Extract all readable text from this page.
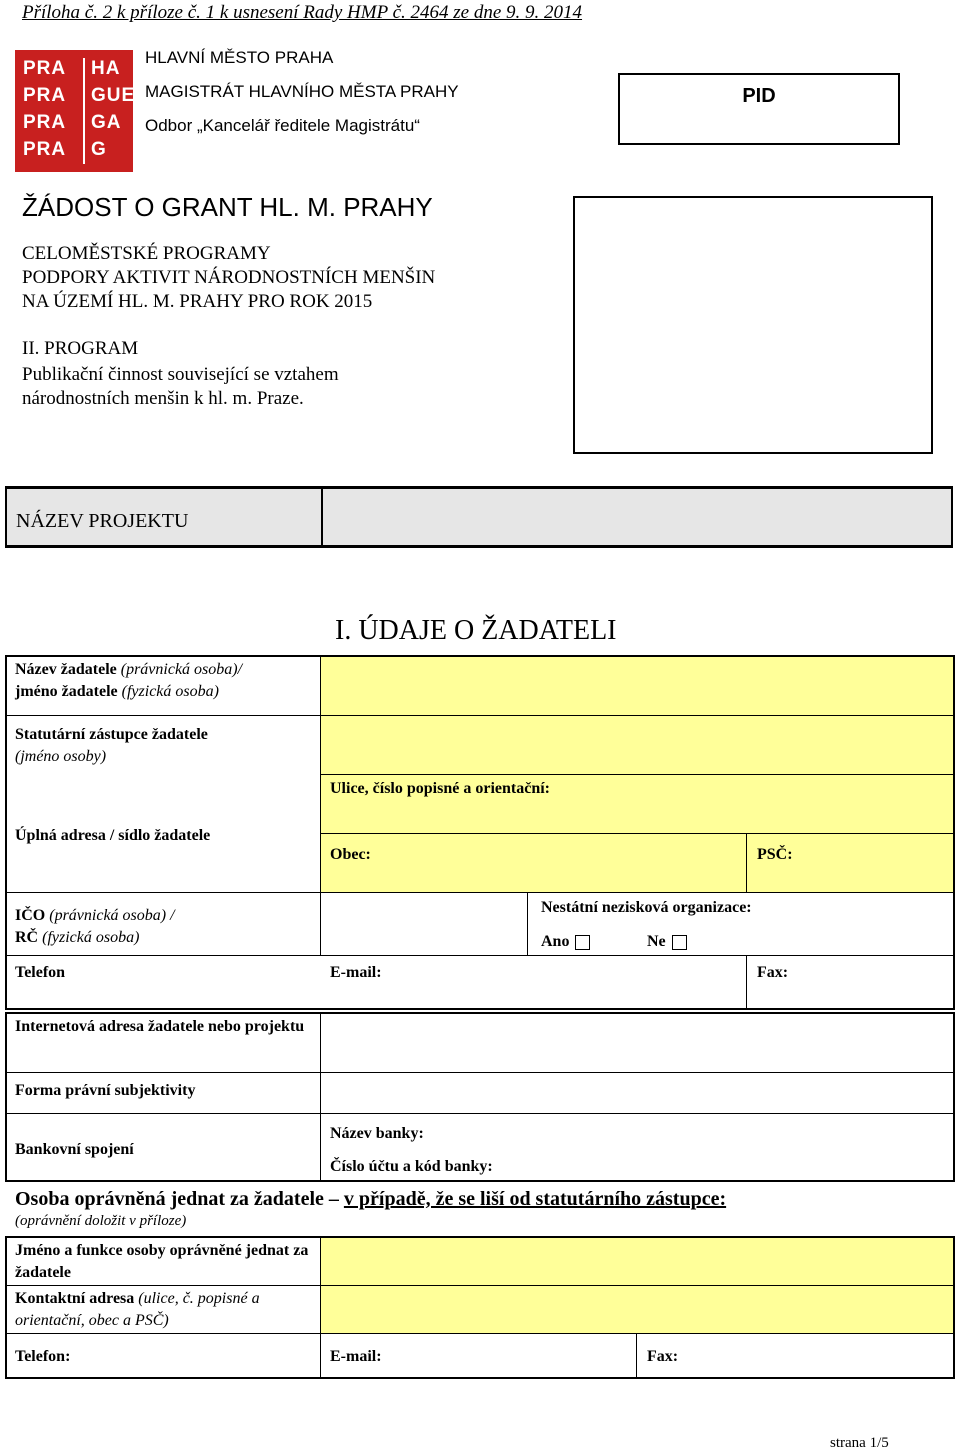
Příloha č. 2 k příloze č. 1 k usnesení Rady HMP č. 2464 ze dne 9. 9. 2014
PRA HA
PRA GUE
PRA GA
PRA G
HLAVNÍ MĚSTO PRAHA
MAGISTRÁT HLAVNÍHO MĚSTA PRAHY
Odbor „Kancelář ředitele Magistrátu“
PID
ŽÁDOST O GRANT HL. M. PRAHY
CELOMĚSTSKÉ PROGRAMY
PODPORY AKTIVIT NÁRODNOSTNÍCH MENŠIN
NA ÚZEMÍ HL. M. PRAHY PRO ROK 2015
II. PROGRAM
Publikační činnost související se vztahem
národnostních menšin k hl. m. Praze.
NÁZEV PROJEKTU
I. ÚDAJE O ŽADATELI
Název žadatele (právnická osoba)/
jméno žadatele (fyzická osoba)
Statutární zástupce žadatele
(jméno osoby)
Ulice, číslo popisné a orientační:
Úplná adresa / sídlo žadatele
Obec:	PSČ:
IČO (právnická osoba) /
RČ (fyzická osoba)
Nestátní nezisková organizace:
Ano	Ne
Telefon	E-mail:	Fax:
Internetová adresa žadatele nebo projektu
Forma právní subjektivity
Bankovní spojení
Název banky:
Číslo účtu a kód banky:
Osoba oprávněná jednat za žadatele – v případě, že se liší od statutárního zástupce:
(oprávnění doložit v příloze)
Jméno a funkce osoby oprávněné jednat za žadatele
Kontaktní adresa (ulice, č. popisné a orientační, obec a PSČ)
Telefon:	E-mail:	Fax:
strana 1/5
